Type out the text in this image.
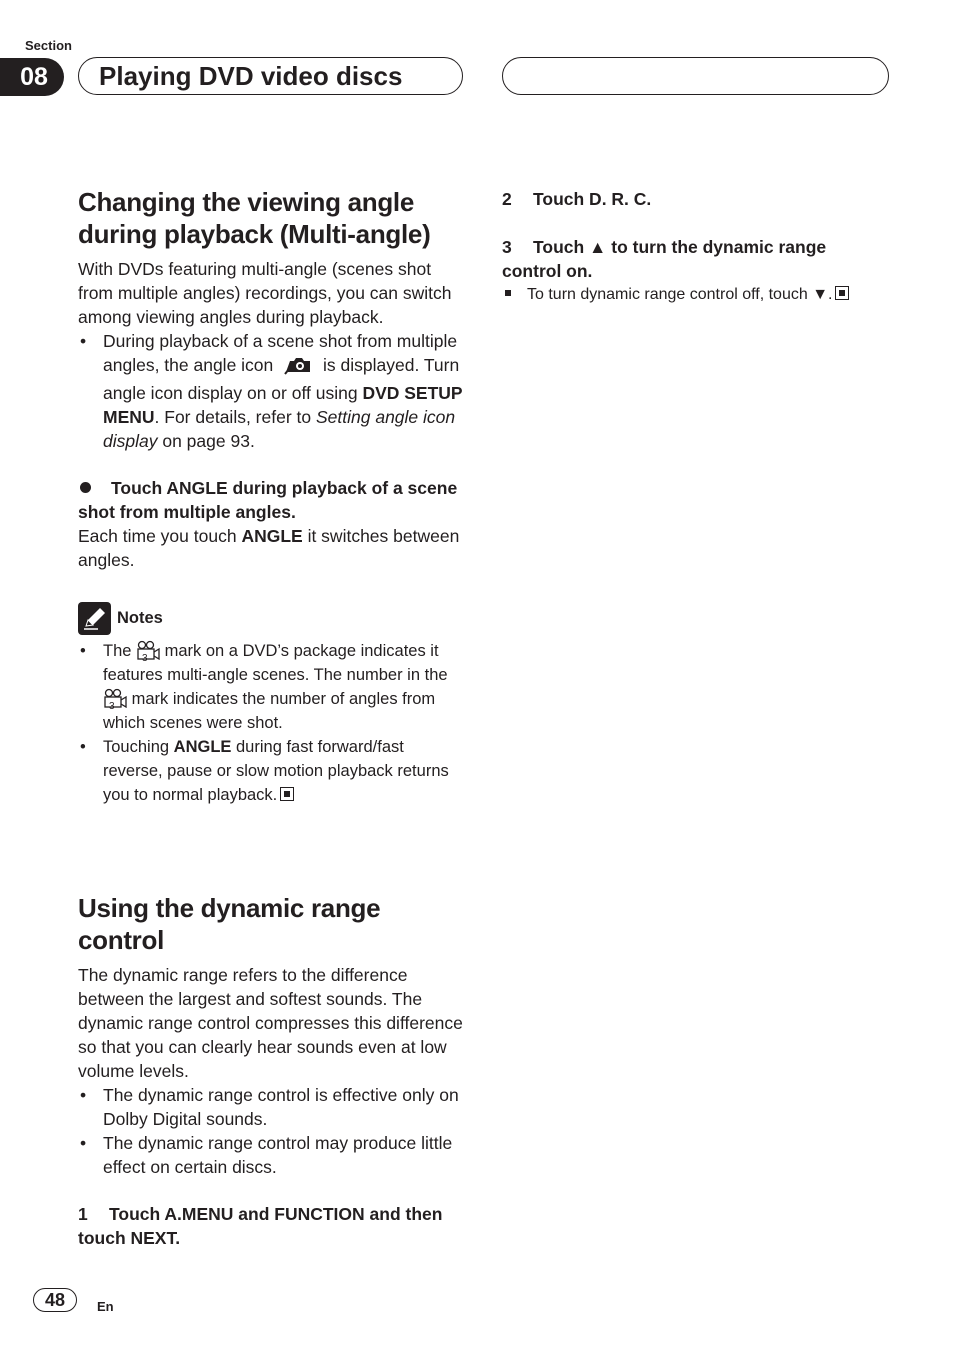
Section
08	Playing DVD video discs
Changing the viewing angle during playback (Multi-angle)

With DVDs featuring multi-angle (scenes shot from multiple angles) recordings, you can switch among viewing angles during playback.

• During playback of a scene shot from multiple angles, the angle icon	is displayed. Turn angle icon display on or off using DVD SETUP MENU. For details, refer to Setting angle icon display on page 93.

Touch ANGLE during playback of a scene shot from multiple angles.

Each time you touch ANGLE it switches between angles.

Notes
• The 3 mark on a DVD’s package indicates it features multi-angle scenes. The number in the
3 mark indicates the number of angles from which scenes were shot.
• Touching ANGLE during fast forward/fast reverse, pause or slow motion playback returns you to normal playback.
Using the dynamic range control

The dynamic range refers to the difference between the largest and softest sounds. The dynamic range control compresses this difference so that you can clearly hear sounds even at low volume levels.

• The dynamic range control is effective only on Dolby Digital sounds.
• The dynamic range control may produce little effect on certain discs.

1 Touch A.MENU and FUNCTION and then touch NEXT.

2 Touch D. R. C.

3 Touch ▲ to turn the dynamic range control on.

To turn dynamic range control off, touch ▼.

48	En
